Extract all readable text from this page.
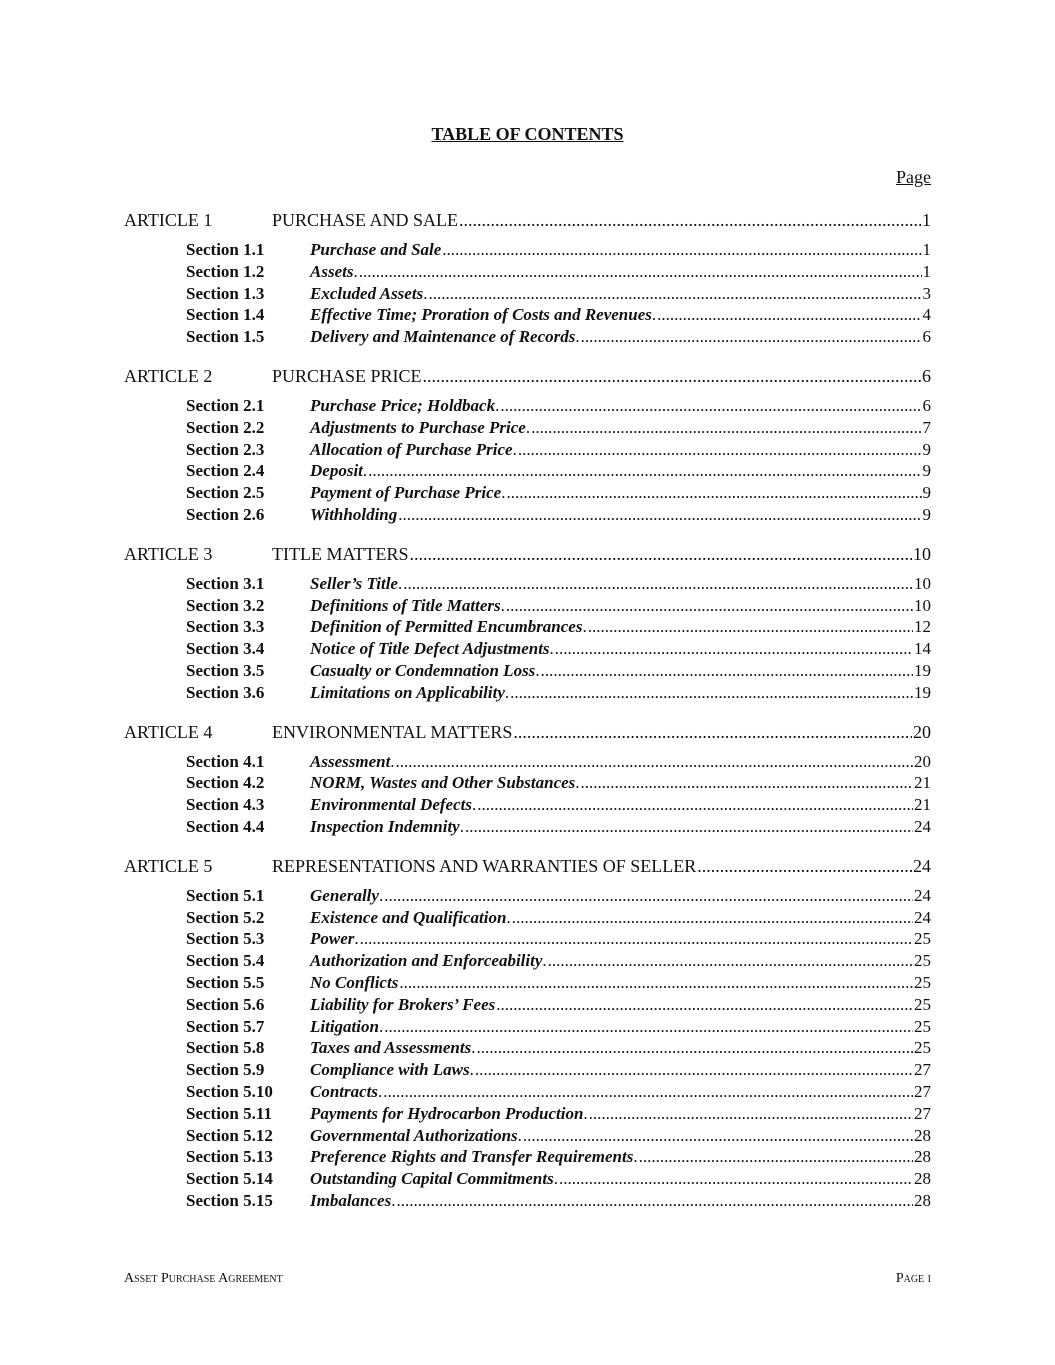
TABLE OF CONTENTS
Page
ARTICLE 1	PURCHASE AND SALE .....	1
Section 1.1	Purchase and Sale .....	1
Section 1.2	Assets . .....	1
Section 1.3	Excluded Assets . .....	3
Section 1.4	Effective Time; Proration of Costs and Revenues . .....	4
Section 1.5	Delivery and Maintenance of Records . .....	6
ARTICLE 2	PURCHASE PRICE .....	6
Section 2.1	Purchase Price; Holdback . .....	6
Section 2.2	Adjustments to Purchase Price . .....	7
Section 2.3	Allocation of Purchase Price . .....	9
Section 2.4	Deposit . .....	9
Section 2.5	Payment of Purchase Price . .....	9
Section 2.6	Withholding .....	9
ARTICLE 3	TITLE MATTERS .....	10
Section 3.1	Seller’s Title . .....	10
Section 3.2	Definitions of Title Matters . .....	10
Section 3.3	Definition of Permitted Encumbrances . .....	12
Section 3.4	Notice of Title Defect Adjustments . .....	14
Section 3.5	Casualty or Condemnation Loss . .....	19
Section 3.6	Limitations on Applicability . .....	19
ARTICLE 4	ENVIRONMENTAL MATTERS .....	20
Section 4.1	Assessment . .....	20
Section 4.2	NORM, Wastes and Other Substances . .....	21
Section 4.3	Environmental Defects . .....	21
Section 4.4	Inspection Indemnity . .....	24
ARTICLE 5	REPRESENTATIONS AND WARRANTIES OF SELLER .....	24
Section 5.1	Generally . .....	24
Section 5.2	Existence and Qualification . .....	24
Section 5.3	Power . .....	25
Section 5.4	Authorization and Enforceability . .....	25
Section 5.5	No Conflicts .....	25
Section 5.6	Liability for Brokers’ Fees .....	25
Section 5.7	Litigation . .....	25
Section 5.8	Taxes and Assessments . .....	25
Section 5.9	Compliance with Laws . .....	27
Section 5.10	Contracts . .....	27
Section 5.11	Payments for Hydrocarbon Production . .....	27
Section 5.12	Governmental Authorizations . .....	28
Section 5.13	Preference Rights and Transfer Requirements . .....	28
Section 5.14	Outstanding Capital Commitments . .....	28
Section 5.15	Imbalances . .....	28
Asset Purchase Agreement	Page i
